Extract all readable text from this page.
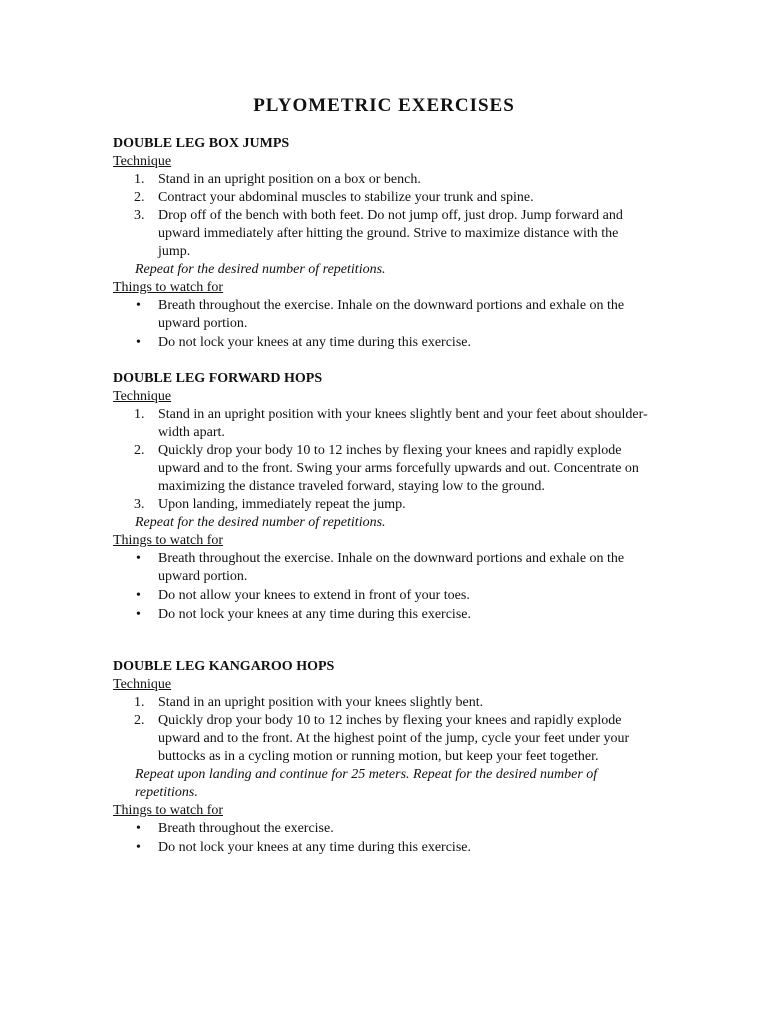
PLYOMETRIC EXERCISES
DOUBLE LEG BOX JUMPS
Technique
Stand in an upright position on a box or bench.
Contract your abdominal muscles to stabilize your trunk and spine.
Drop off of the bench with both feet. Do not jump off, just drop. Jump forward and upward immediately after hitting the ground. Strive to maximize distance with the jump.
Repeat for the desired number of repetitions.
Things to watch for
• Breath throughout the exercise. Inhale on the downward portions and exhale on the upward portion.
• Do not lock your knees at any time during this exercise.
DOUBLE LEG FORWARD HOPS
Technique
Stand in an upright position with your knees slightly bent and your feet about shoulder-width apart.
Quickly drop your body 10 to 12 inches by flexing your knees and rapidly explode upward and to the front. Swing your arms forcefully upwards and out. Concentrate on maximizing the distance traveled forward, staying low to the ground.
Upon landing, immediately repeat the jump.
Repeat for the desired number of repetitions.
Things to watch for
• Breath throughout the exercise. Inhale on the downward portions and exhale on the upward portion.
• Do not allow your knees to extend in front of your toes.
• Do not lock your knees at any time during this exercise.
DOUBLE LEG KANGAROO HOPS
Technique
Stand in an upright position with your knees slightly bent.
Quickly drop your body 10 to 12 inches by flexing your knees and rapidly explode upward and to the front. At the highest point of the jump, cycle your feet under your buttocks as in a cycling motion or running motion, but keep your feet together.
Repeat upon landing and continue for 25 meters. Repeat for the desired number of repetitions.
Things to watch for
• Breath throughout the exercise.
• Do not lock your knees at any time during this exercise.
